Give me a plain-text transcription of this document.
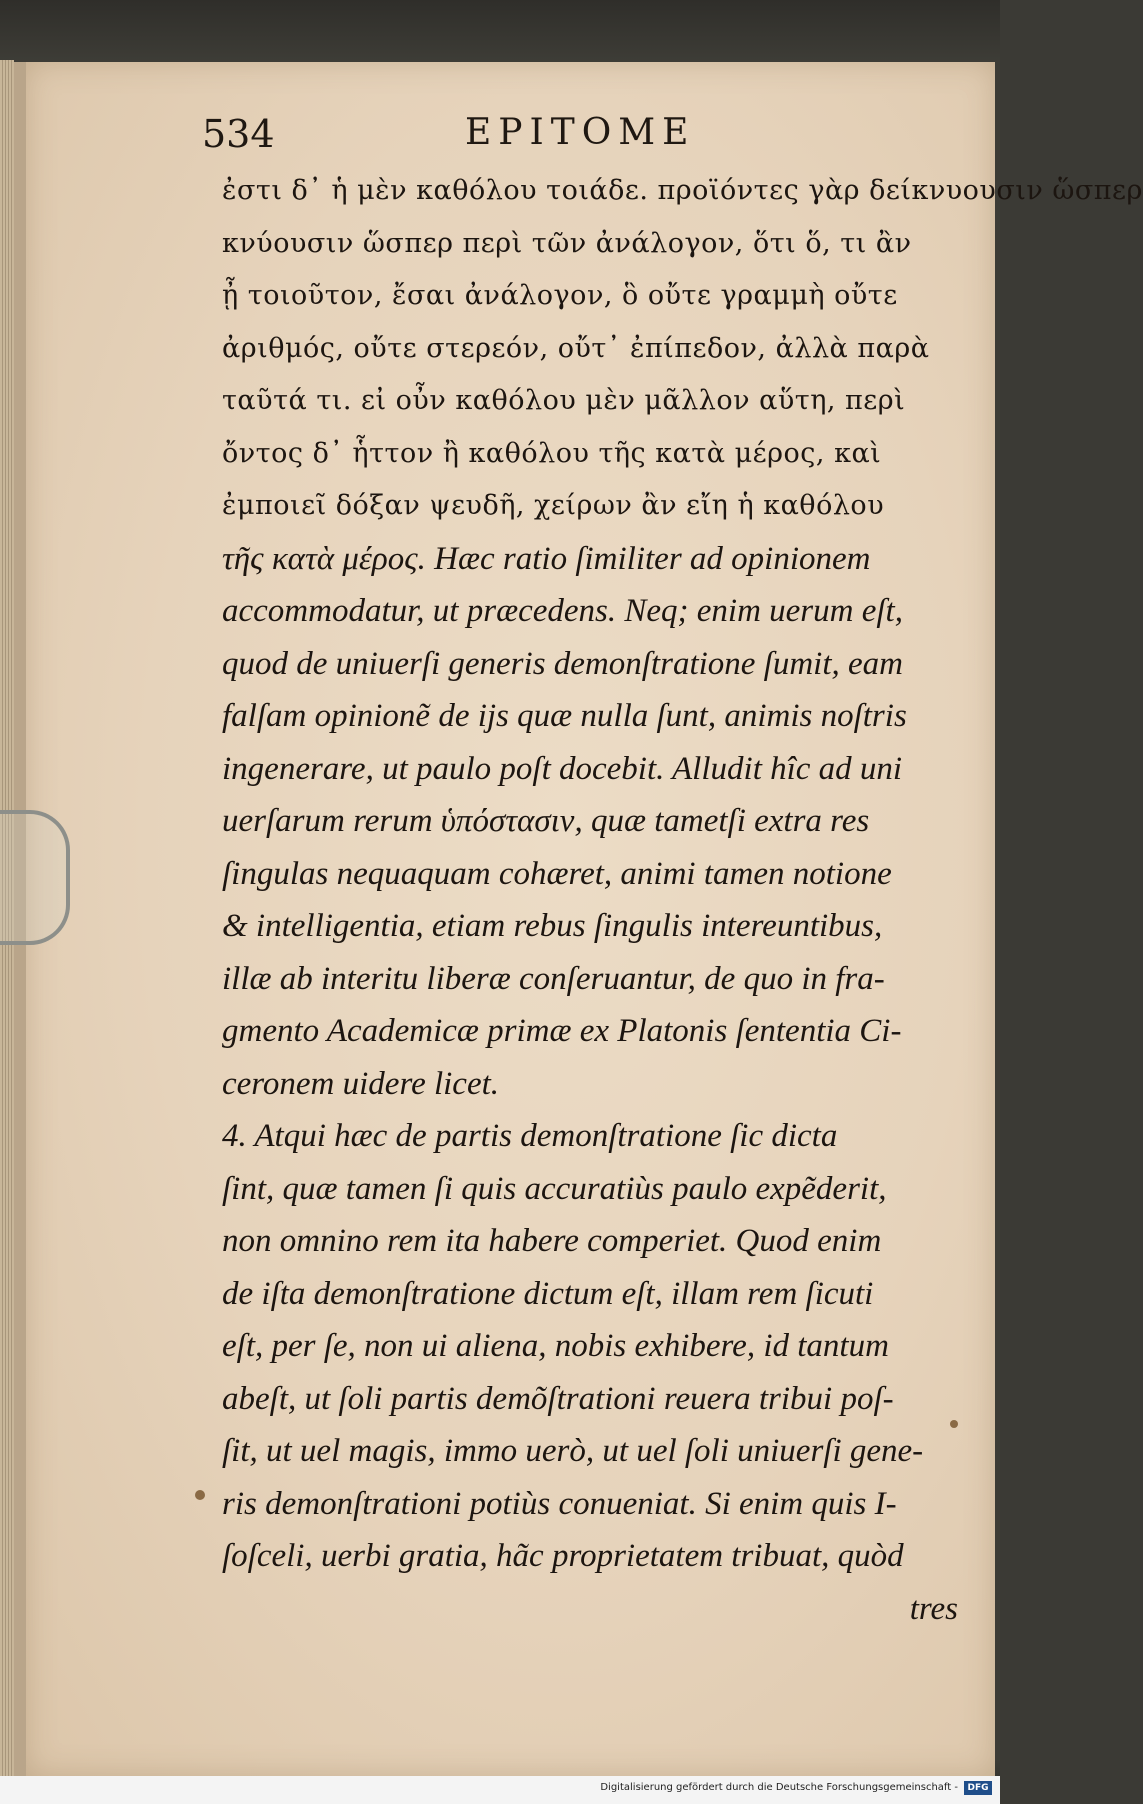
534	EPITOME
ἐστι δ᾽ ἡ μὲν καθόλου τοιάδε. προϊόντες γὰρ δείκνυουσιν ὥσπερ
κνύουσιν ὥσπερ περὶ τῶν ἀνάλογον, ὅτι ὅ, τι ἂν
ᾖ τοιοῦτον, ἔσαι ἀνάλογον, ὃ οὔτε γραμμὴ οὔτε
ἀριθμός, οὔτε στερεόν, οὔτ᾽ ἐπίπεδον, ἀλλὰ παρὰ
ταῦτά τι. εἰ οὖν καθόλου μὲν μᾶλλον αὕτη, περὶ
ὄντος δ᾽ ἧττον ἢ καθόλου τῆς κατὰ μέρος, καὶ
ἐμποιεῖ δόξαν ψευδῆ, χείρων ἂν εἴη ἡ καθόλου
τῆς κατὰ μέρος. Hæc ratio ſimiliter ad opinionem
accommodatur, ut præcedens. Neq; enim uerum eſt,
quod de uniuerſi generis demonſtratione ſumit, eam
falſam opinionẽ de ijs quæ nulla ſunt, animis noſtris
ingenerare, ut paulo poſt docebit. Alludit hîc ad uni
uerſarum rerum ὑπόστασιν, quæ tametſi extra res
ſingulas nequaquam cohæret, animi tamen notione
& intelligentia, etiam rebus ſingulis intereuntibus,
illæ ab interitu liberæ conſeruantur, de quo in fra-
gmento Academicæ primæ ex Platonis ſententia Ci-
ceronem uidere licet.
4. Atqui hæc de partis demonſtratione ſic dicta
ſint, quæ tamen ſi quis accuratiùs paulo expẽderit,
non omnino rem ita habere comperiet. Quod enim
de iſta demonſtratione dictum eſt, illam rem ſicuti
eſt, per ſe, non ui aliena, nobis exhibere, id tantum
abeſt, ut ſoli partis demõſtrationi reuera tribui poſ-
ſit, ut uel magis, immo uerò, ut uel ſoli uniuerſi gene-
ris demonſtrationi potiùs conueniat. Si enim quis I-
ſoſceli, uerbi gratia, hãc proprietatem tribuat, quòd
tres
Digitalisierung gefördert durch die Deutsche Forschungsgemeinschaft -	DFG
